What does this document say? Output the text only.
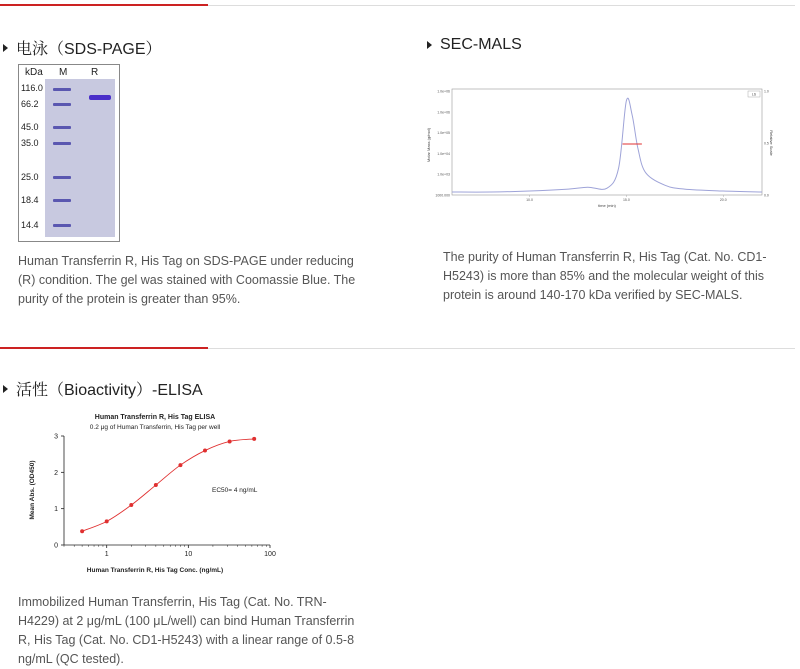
电泳（SDS-PAGE）
kDa M R
116.0
66.2
45.0
35.0
25.0
18.4
14.4
Human Transferrin R, His Tag on SDS-PAGE under reducing (R) condition. The gel was stained with Coomassie Blue. The purity of the protein is greater than 95%.
SEC-MALS
Molar Mass (g/mol)	Relative Scale
time (min)
1.0e+06
1.0e+06
1.0e+05
1.0e+04
1.0e+03
1000.000
1.0
0.5
0.0
10.0	15.0	20.0
LS
The purity of Human Transferrin R, His Tag (Cat. No. CD1-H5243) is more than 85% and the molecular weight of this protein is around 140-170 kDa verified by SEC-MALS.
活性（Bioactivity）-ELISA
Human Transferrin R, His Tag ELISA
0.2 μg of Human Transferrin, His Tag per well
Mean Abs. (OD450)
Human Transferrin R, His Tag Conc. (ng/mL)
0
1
2
3
1	10	100
EC50= 4 ng/mL
Immobilized Human Transferrin, His Tag (Cat. No. TRN-H4229) at 2 μg/mL (100 μL/well) can bind Human Transferrin R, His Tag (Cat. No. CD1-H5243) with a linear range of 0.5-8 ng/mL (QC tested).
